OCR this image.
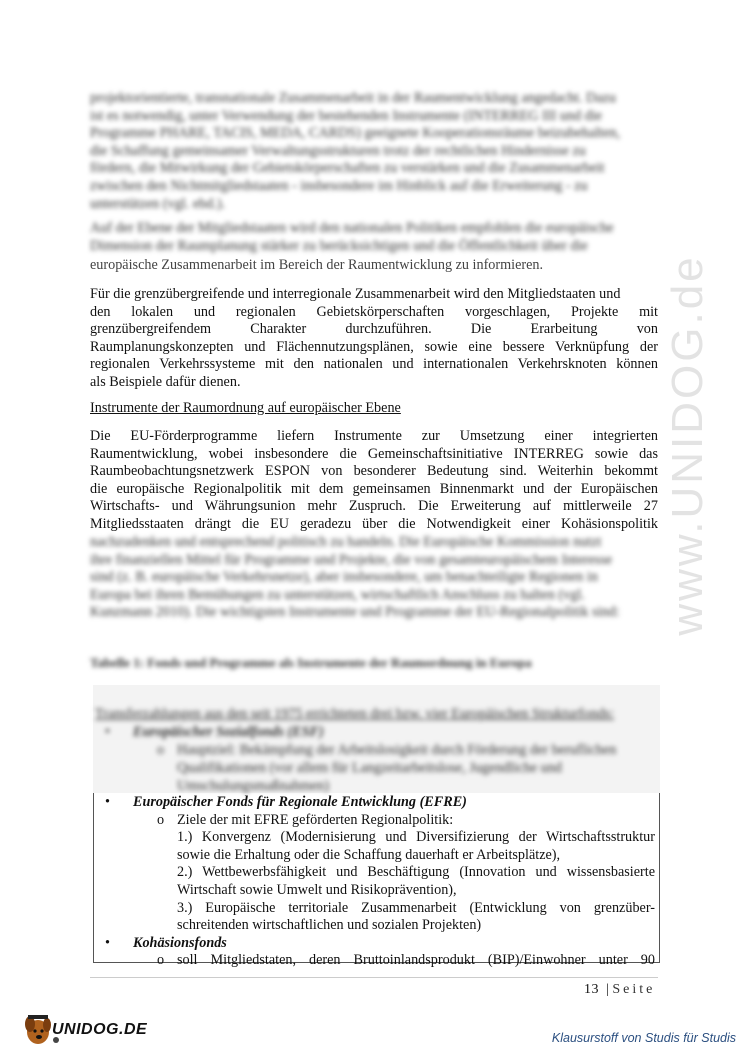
www.UNIDOG.de
projektorientierte, transnationale Zusammenarbeit in der Raumentwicklung angedacht. Dazu
ist es notwendig, unter Verwendung der bestehenden Instrumente (INTERREG III und die
Programme PHARE, TACIS, MEDA, CARDS) geeignete Kooperationsräume beizubehalten,
die Schaffung gemeinsamer Verwaltungsstrukturen trotz der rechtlichen Hindernisse zu
fördern, die Mitwirkung der Gebietskörperschaften zu verstärken und die Zusammenarbeit
zwischen den Nichtmitgliedstaaten - insbesondere im Hinblick auf die Erweiterung - zu
unterstützen (vgl. ebd.).
Auf der Ebene der Mitgliedstaaten wird den nationalen Politiken empfohlen die europäische
Dimension der Raumplanung stärker zu berücksichtigen und die Öffentlichkeit über die
europäische Zusammenarbeit im Bereich der Raumentwicklung zu informieren.
Für die grenzübergreifende und interregionale Zusammenarbeit wird den Mitgliedstaaten und
den lokalen und regionalen Gebietskörperschaften vorgeschlagen, Projekte mit
grenzübergreifendem Charakter durchzuführen. Die Erarbeitung von
Raumplanungskonzepten und Flächennutzungsplänen, sowie eine bessere Verknüpfung der
regionalen Verkehrssysteme mit den nationalen und internationalen Verkehrsknoten können
als Beispiele dafür dienen.
Instrumente der Raumordnung auf europäischer Ebene
Die EU-Förderprogramme liefern Instrumente zur Umsetzung einer integrierten
Raumentwicklung, wobei insbesondere die Gemeinschaftsinitiative INTERREG sowie das
Raumbeobachtungsnetzwerk ESPON von besonderer Bedeutung sind. Weiterhin bekommt
die europäische Regionalpolitik mit dem gemeinsamen Binnenmarkt und der Europäischen
Wirtschafts- und Währungsunion mehr Zuspruch. Die Erweiterung auf mittlerweile 27
Mitgliedsstaaten drängt die EU geradezu über die Notwendigkeit einer Kohäsionspolitik
nachzudenken und entsprechend politisch zu handeln. Die Europäische Kommission nutzt
ihre finanziellen Mittel für Programme und Projekte, die von gesamteuropäischem Interesse
sind (z. B. europäische Verkehrsnetze), aber insbesondere, um benachteiligte Regionen in
Europa bei ihren Bemühungen zu unterstützen, wirtschaftlich Anschluss zu halten (vgl.
Kunzmann 2010). Die wichtigsten Instrumente und Programme der EU-Regionalpolitik sind:
Tabelle 1: Fonds und Programme als Instrumente der Raumordnung in Europa
Transferzahlungen aus den seit 1975 errichteten drei bzw. vier Europäischen Strukturfonds:
• Europäischer Sozialfonds (ESF)
o Hauptziel: Bekämpfung der Arbeitslosigkeit durch Förderung der beruflichen
Qualifikationen (vor allem für Langzeitarbeitslose, Jugendliche und
Umschulungsmaßnahmen)
• Europäischer Fonds für Regionale Entwicklung (EFRE)
o Ziele der mit EFRE geförderten Regionalpolitik:
1.) Konvergenz (Modernisierung und Diversifizierung der Wirtschaftsstruktur
sowie die Erhaltung oder die Schaffung dauerhaft er Arbeitsplätze),
2.) Wettbewerbsfähigkeit und Beschäftigung (Innovation und wissensbasierte
Wirtschaft sowie Umwelt und Risikoprävention),
3.) Europäische territoriale Zusammenarbeit (Entwicklung von grenzüber-
schreitenden wirtschaftlichen und sozialen Projekten)
• Kohäsionsfonds
o soll Mitgliedstaten, deren Bruttoinlandsprodukt (BIP)/Einwohner unter 90
13 | Seite
UNIDOG.DE	Klausurstoff von Studis für Studis
